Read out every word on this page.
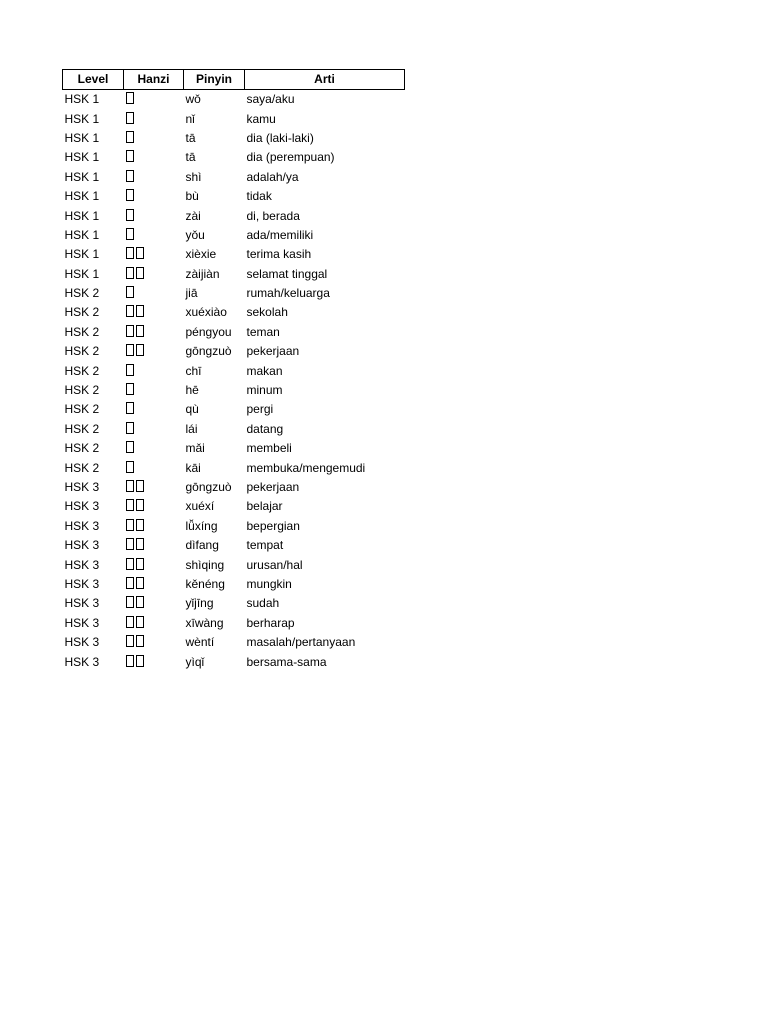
Level	Hanzi	Pinyin	Arti
HSK 1		wǒ	saya/aku
HSK 1		nǐ	kamu
HSK 1		tā	dia (laki-laki)
HSK 1		tā	dia (perempuan)
HSK 1		shì	adalah/ya
HSK 1		bù	tidak
HSK 1		zài	di, berada
HSK 1		yǒu	ada/memiliki
HSK 1		xièxie	terima kasih
HSK 1		zàijiàn	selamat tinggal
HSK 2		jiā	rumah/keluarga
HSK 2		xuéxiào	sekolah
HSK 2		péngyou	teman
HSK 2		gōngzuò	pekerjaan
HSK 2		chī	makan
HSK 2		hē	minum
HSK 2		qù	pergi
HSK 2		lái	datang
HSK 2		mǎi	membeli
HSK 2		kāi	membuka/mengemudi
HSK 3		gōngzuò	pekerjaan
HSK 3		xuéxí	belajar
HSK 3		lǚxíng	bepergian
HSK 3		dìfang	tempat
HSK 3		shìqing	urusan/hal
HSK 3		kěnéng	mungkin
HSK 3		yǐjīng	sudah
HSK 3		xīwàng	berharap
HSK 3		wèntí	masalah/pertanyaan
HSK 3		yìqǐ	bersama-sama
